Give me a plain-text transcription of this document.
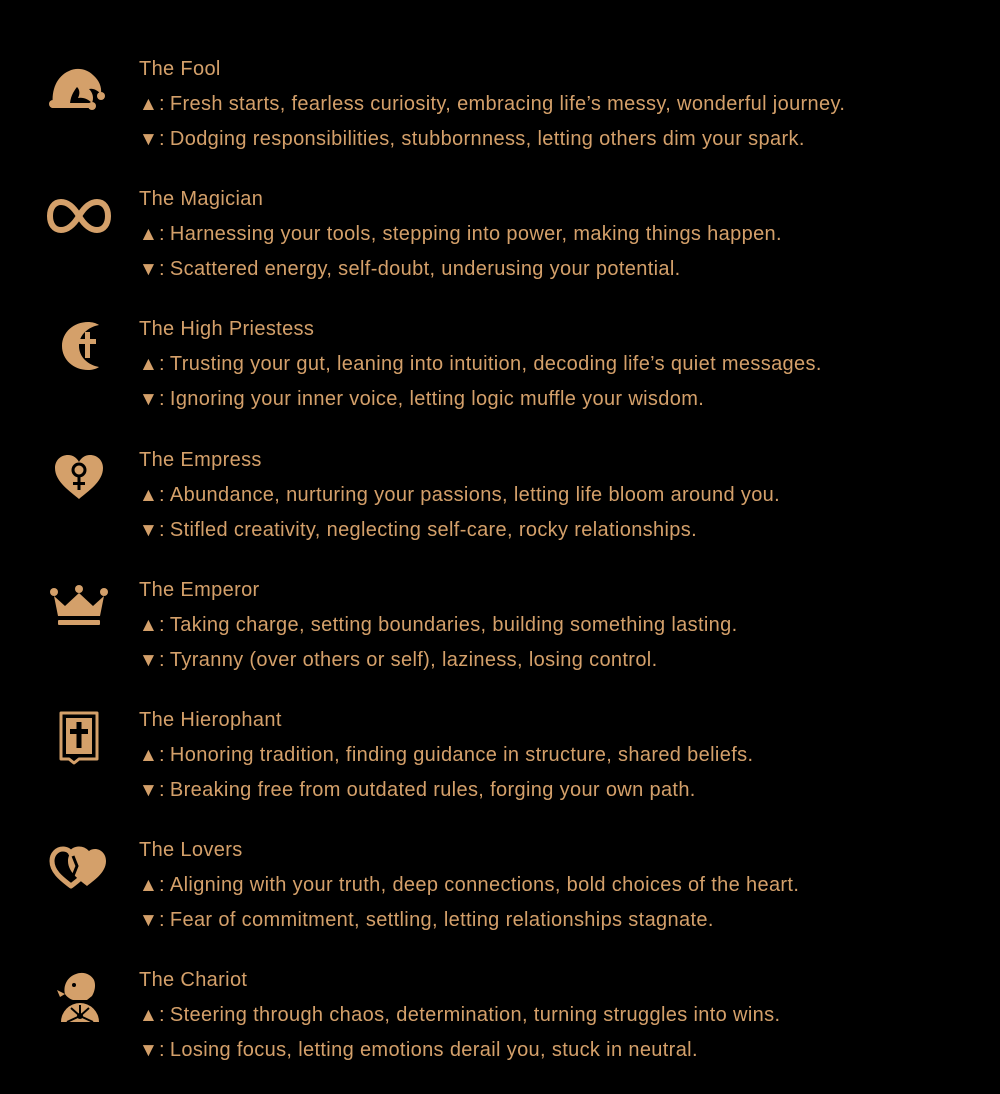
The Fool
▲: Fresh starts, fearless curiosity, embracing life’s messy, wonderful journey.
▼: Dodging responsibilities, stubbornness, letting others dim your spark.
The Magician
▲: Harnessing your tools, stepping into power, making things happen.
▼: Scattered energy, self-doubt, underusing your potential.
The High Priestess
▲: Trusting your gut, leaning into intuition, decoding life’s quiet messages.
▼: Ignoring your inner voice, letting logic muffle your wisdom.
The Empress
▲: Abundance, nurturing your passions, letting life bloom around you.
▼: Stifled creativity, neglecting self-care, rocky relationships.
The Emperor
▲: Taking charge, setting boundaries, building something lasting.
▼: Tyranny (over others or self), laziness, losing control.
The Hierophant
▲: Honoring tradition, finding guidance in structure, shared beliefs.
▼: Breaking free from outdated rules, forging your own path.
The Lovers
▲: Aligning with your truth, deep connections, bold choices of the heart.
▼: Fear of commitment, settling, letting relationships stagnate.
The Chariot
▲: Steering through chaos, determination, turning struggles into wins.
▼: Losing focus, letting emotions derail you, stuck in neutral.
